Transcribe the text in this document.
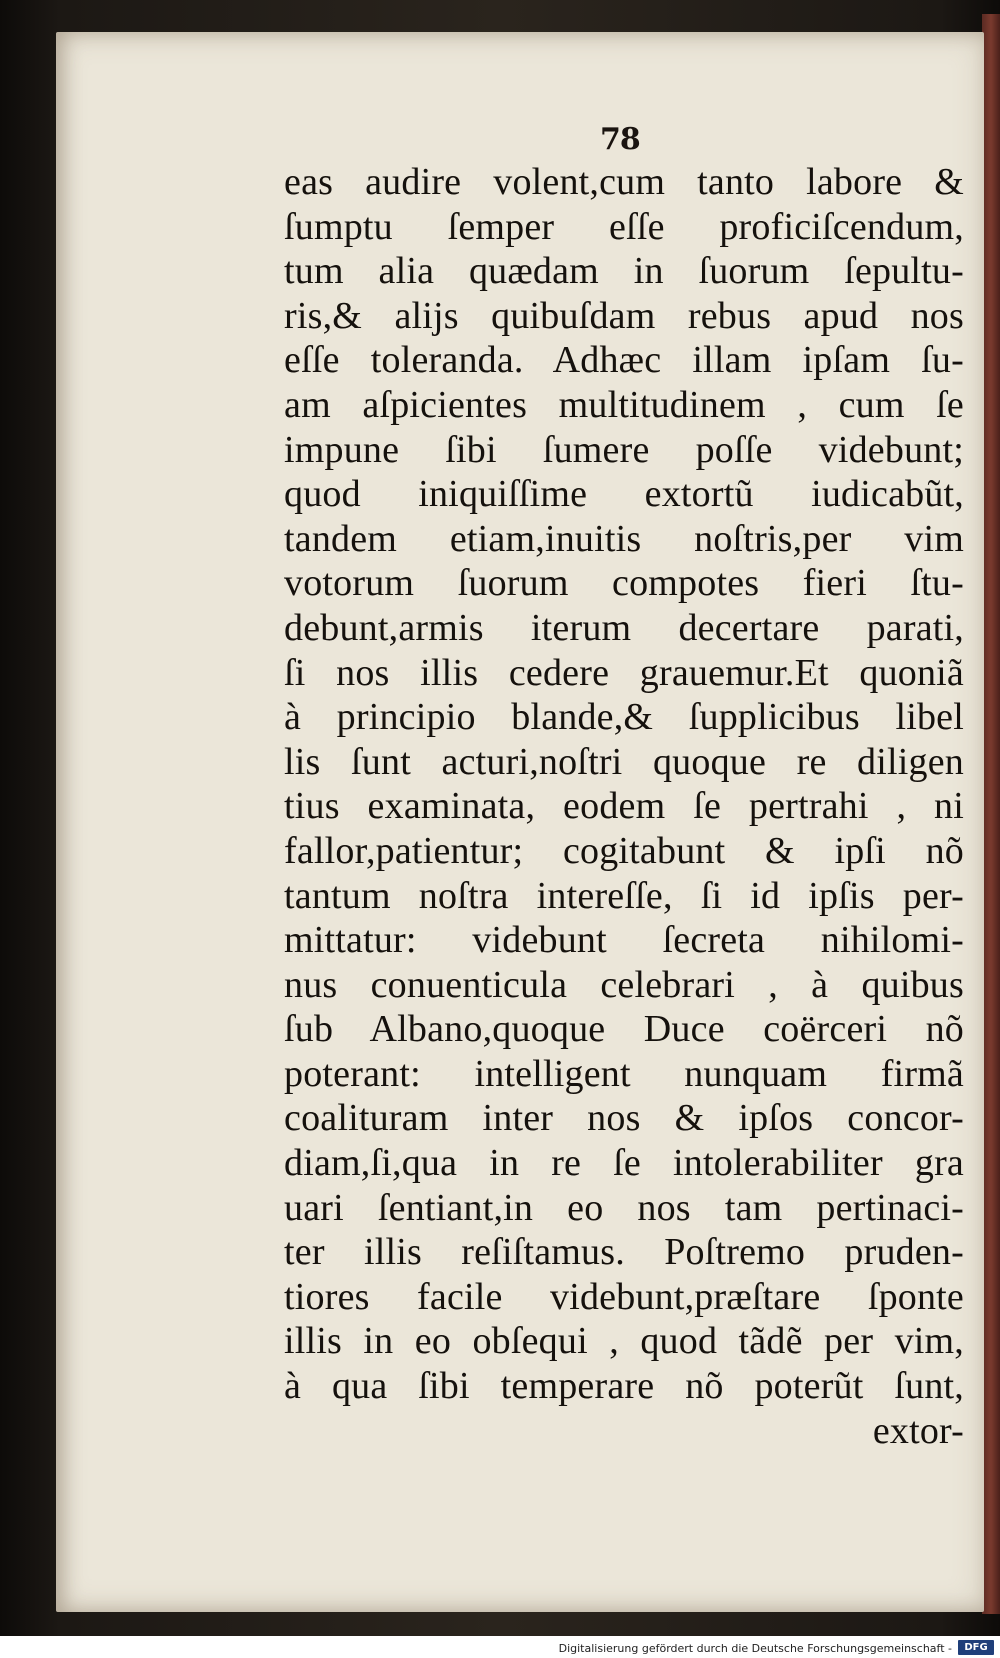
78
eas audire volent,cum tanto labore &
ſumptu ſemper eſſe proficiſcendum,
tum alia quædam in ſuorum ſepultu-
ris,& alijs quibuſdam rebus apud nos
eſſe toleranda. Adhæc illam ipſam ſu-
am aſpicientes multitudinem , cum ſe
impune ſibi ſumere poſſe videbunt;
quod iniquiſſime extortũ iudicabũt,
tandem etiam,inuitis noſtris,per vim
votorum ſuorum compotes fieri ſtu-
debunt,armis iterum decertare parati,
ſi nos illis cedere grauemur.Et quoniã
à principio blande,& ſupplicibus libel
lis ſunt acturi,noſtri quoque re diligen
tius examinata, eodem ſe pertrahi , ni
fallor,patientur; cogitabunt & ipſi nõ
tantum noſtra intereſſe, ſi id ipſis per-
mittatur: videbunt ſecreta nihilomi-
nus conuenticula celebrari , à quibus
ſub Albano,quoque Duce coërceri nõ
poterant: intelligent nunquam firmã
coalituram inter nos & ipſos concor-
diam,ſi,qua in re ſe intolerabiliter gra
uari ſentiant,in eo nos tam pertinaci-
ter illis reſiſtamus. Poſtremo pruden-
tiores facile videbunt,præſtare ſponte
illis in eo obſequi , quod tãdẽ per vim,
à qua ſibi temperare nõ poterũt ſunt,
extor-
Digitalisierung gefördert durch die Deutsche Forschungsgemeinschaft -	DFG
